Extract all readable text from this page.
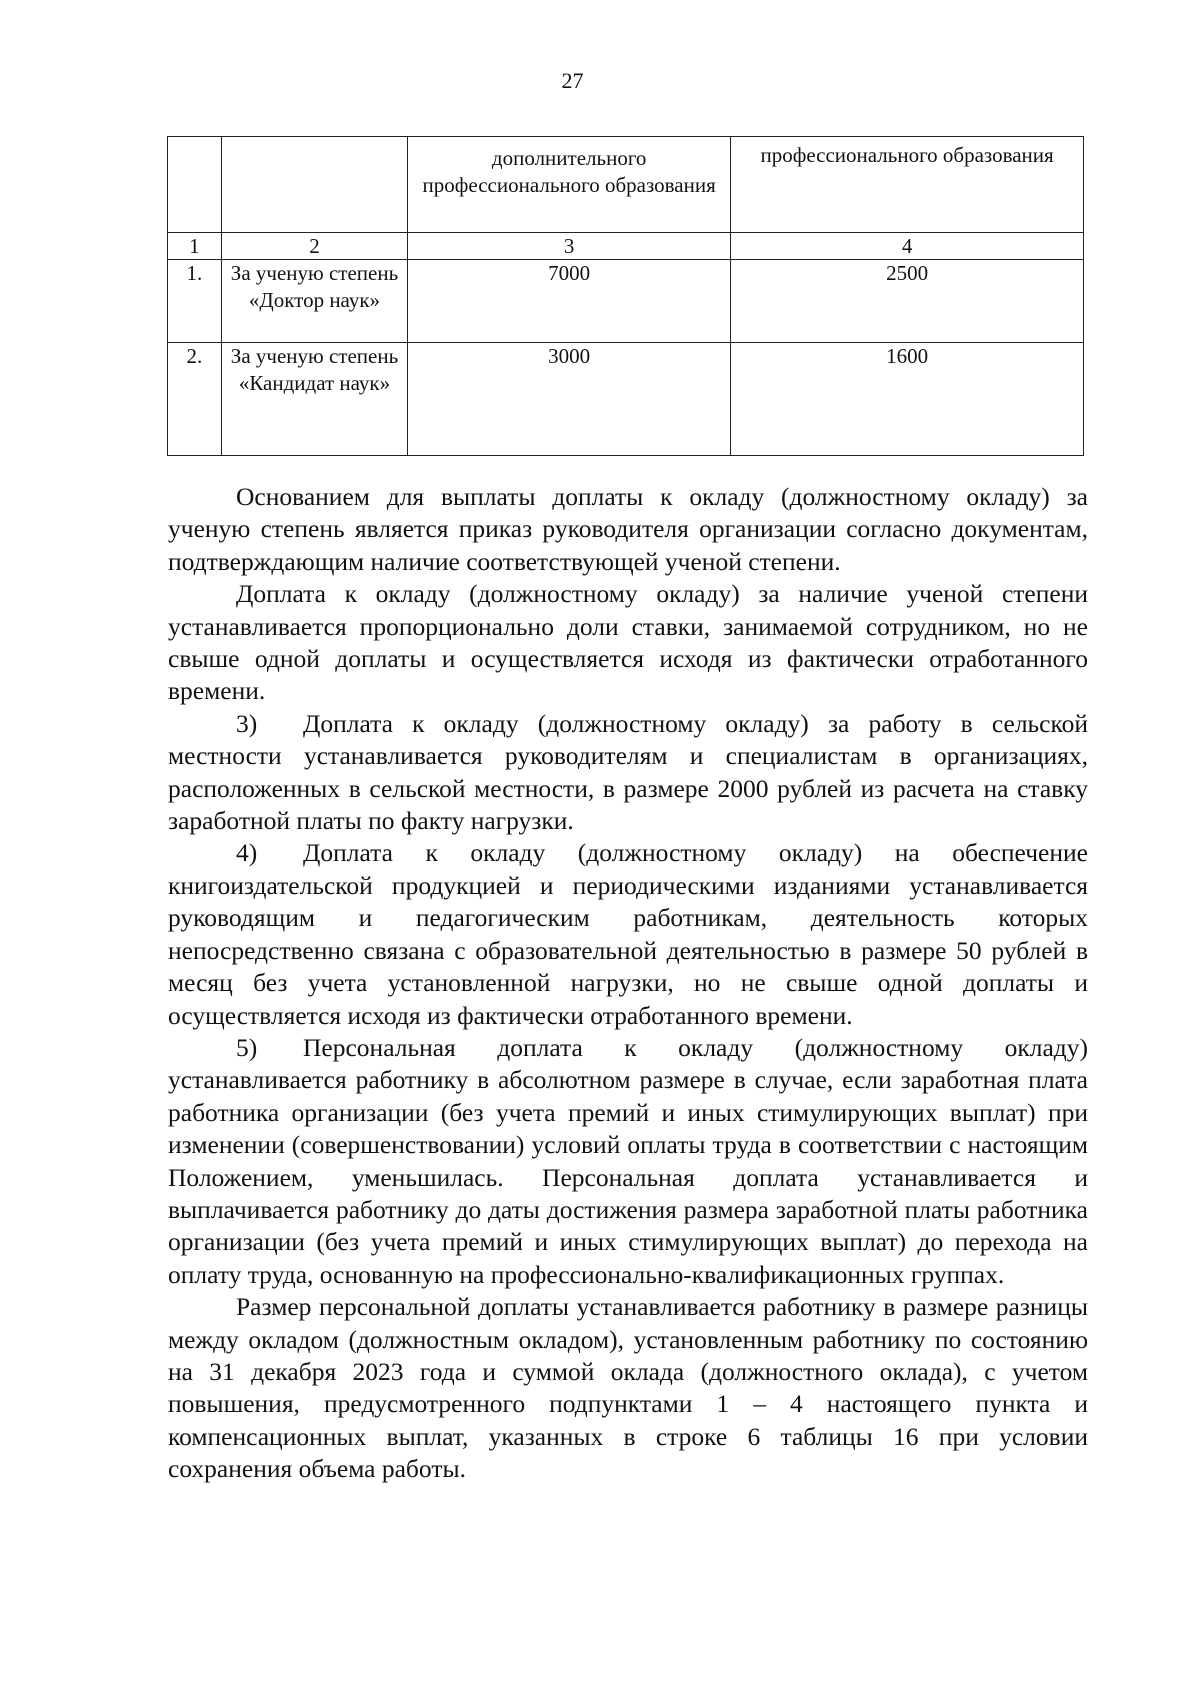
27
		дополнительного профессионального образования	профессионального образования
1	2	3	4
1.	За ученую степень «Доктор наук»	7000	2500
2.	За ученую степень «Кандидат наук»	3000	1600

Основанием для выплаты доплаты к окладу (должностному окладу) за ученую степень является приказ руководителя организации согласно документам, подтверждающим наличие соответствующей ученой степени.

Доплата к окладу (должностному окладу) за наличие ученой степени устанавливается пропорционально доли ставки, занимаемой сотрудником, но не свыше одной доплаты и осуществляется исходя из фактически отработанного времени.

3) Доплата к окладу (должностному окладу) за работу в сельской местности устанавливается руководителям и специалистам в организациях, расположенных в сельской местности, в размере 2000 рублей из расчета на ставку заработной платы по факту нагрузки.

4) Доплата к окладу (должностному окладу) на обеспечение книгоиздательской продукцией и периодическими изданиями устанавливается руководящим и педагогическим работникам, деятельность которых непосредственно связана с образовательной деятельностью в размере 50 рублей в месяц без учета установленной нагрузки, но не свыше одной доплаты и осуществляется исходя из фактически отработанного времени.

5) Персональная доплата к окладу (должностному окладу) устанавливается работнику в абсолютном размере в случае, если заработная плата работника организации (без учета премий и иных стимулирующих выплат) при изменении (совершенствовании) условий оплаты труда в соответствии с настоящим Положением, уменьшилась. Персональная доплата устанавливается и выплачивается работнику до даты достижения размера заработной платы работника организации (без учета премий и иных стимулирующих выплат) до перехода на оплату труда, основанную на профессионально-квалификационных группах.

Размер персональной доплаты устанавливается работнику в размере разницы между окладом (должностным окладом), установленным работнику по состоянию на 31 декабря 2023 года и суммой оклада (должностного оклада), с учетом повышения, предусмотренного подпунктами 1 – 4 настоящего пункта и компенсационных выплат, указанных в строке 6 таблицы 16 при условии сохранения объема работы.
